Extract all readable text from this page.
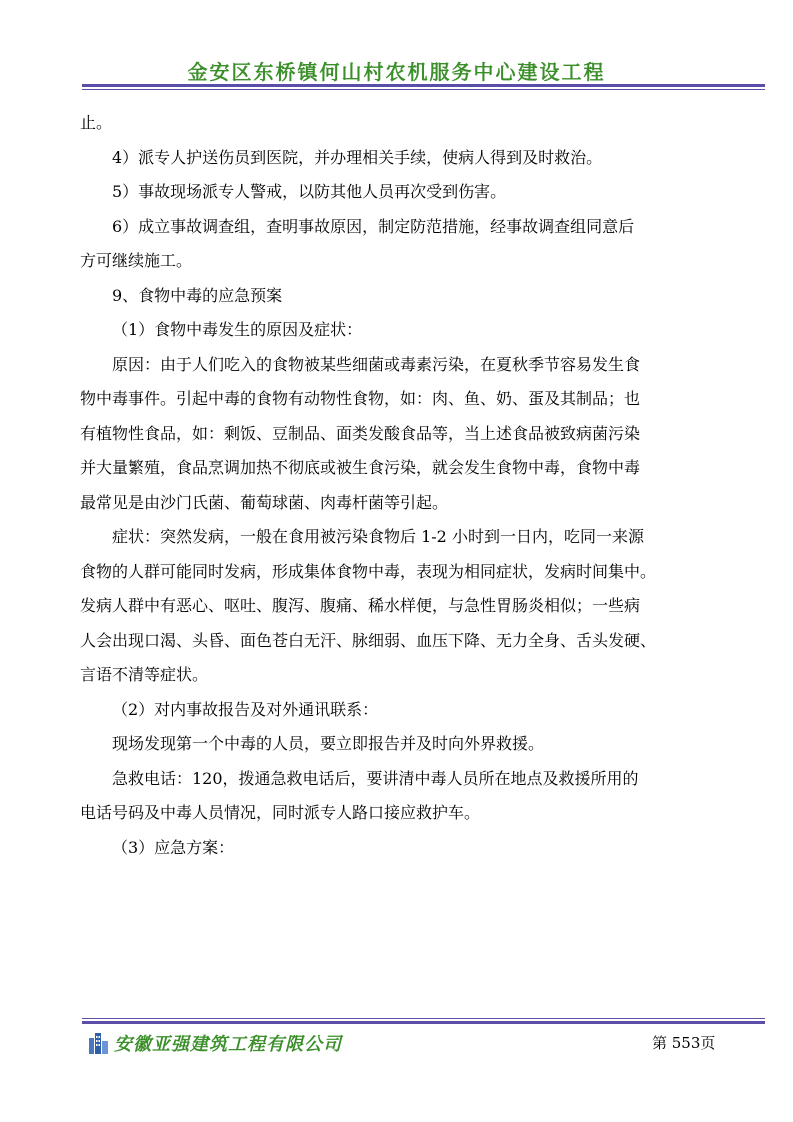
金安区东桥镇何山村农机服务中心建设工程

止。

4）派专人护送伤员到医院，并办理相关手续，使病人得到及时救治。

5）事故现场派专人警戒，以防其他人员再次受到伤害。

6）成立事故调查组，查明事故原因，制定防范措施，经事故调查组同意后
方可继续施工。

9、食物中毒的应急预案

（1）食物中毒发生的原因及症状：

原因：由于人们吃入的食物被某些细菌或毒素污染，在夏秋季节容易发生食
物中毒事件。引起中毒的食物有动物性食物，如：肉、鱼、奶、蛋及其制品；也
有植物性食品，如：剩饭、豆制品、面类发酸食品等，当上述食品被致病菌污染
并大量繁殖，食品烹调加热不彻底或被生食污染，就会发生食物中毒，食物中毒
最常见是由沙门氏菌、葡萄球菌、肉毒杆菌等引起。

症状：突然发病，一般在食用被污染食物后 1-2 小时到一日内，吃同一来源
食物的人群可能同时发病，形成集体食物中毒，表现为相同症状，发病时间集中。
发病人群中有恶心、呕吐、腹泻、腹痛、稀水样便，与急性胃肠炎相似；一些病
人会出现口渴、头昏、面色苍白无汗、脉细弱、血压下降、无力全身、舌头发硬、
言语不清等症状。

（2）对内事故报告及对外通讯联系：

现场发现第一个中毒的人员，要立即报告并及时向外界救援。

急救电话：120，拨通急救电话后，要讲清中毒人员所在地点及救援所用的
电话号码及中毒人员情况，同时派专人路口接应救护车。

（3）应急方案：

安徽亚强建筑工程有限公司	第 553页
